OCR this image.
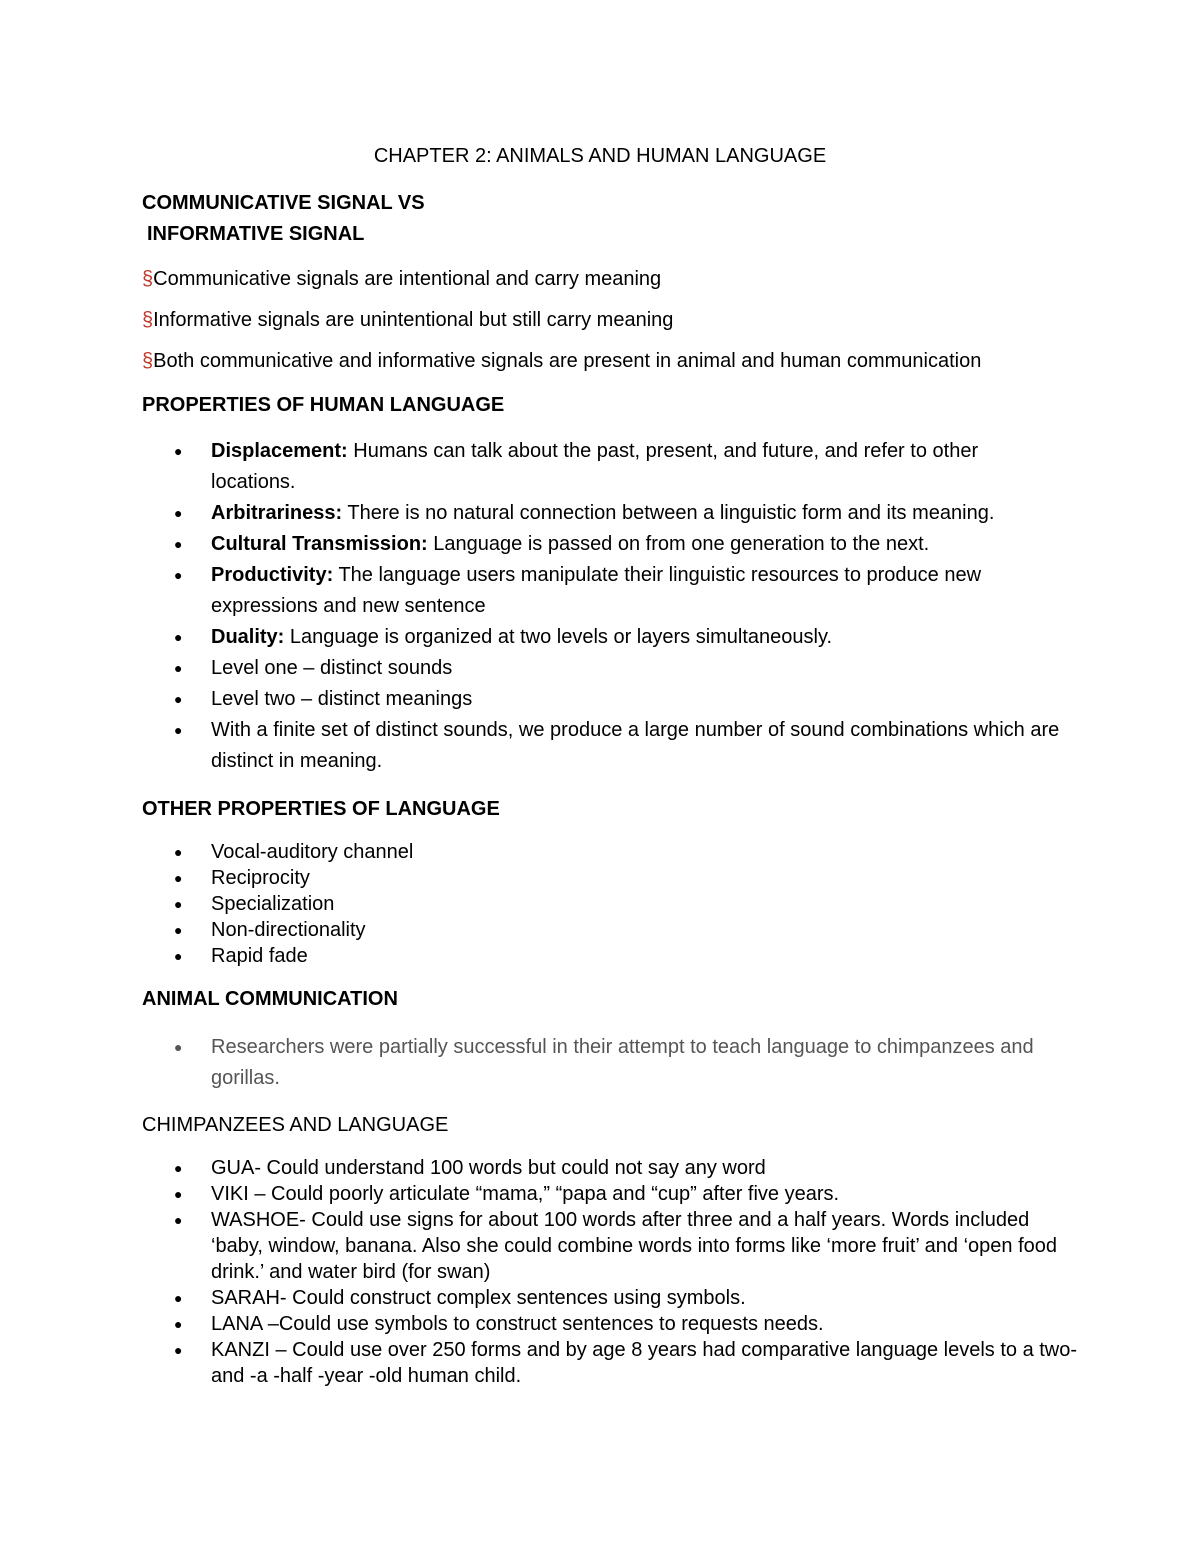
CHAPTER 2: ANIMALS AND HUMAN LANGUAGE
COMMUNICATIVE SIGNAL VS
INFORMATIVE SIGNAL
§Communicative signals are intentional and carry meaning
§Informative signals are unintentional but still carry meaning
§Both communicative and informative signals are present in animal and human communication
PROPERTIES OF HUMAN LANGUAGE
● Displacement: Humans can talk about the past, present, and future, and refer to other locations.
● Arbitrariness: There is no natural connection between a linguistic form and its meaning.
● Cultural Transmission: Language is passed on from one generation to the next.
● Productivity: The language users manipulate their linguistic resources to produce new expressions and new sentence
● Duality: Language is organized at two levels or layers simultaneously.
● Level one – distinct sounds
● Level two – distinct meanings
● With a finite set of distinct sounds, we produce a large number of sound combinations which are distinct in meaning.
OTHER PROPERTIES OF LANGUAGE
● Vocal-auditory channel
● Reciprocity
● Specialization
● Non-directionality
● Rapid fade
ANIMAL COMMUNICATION
● Researchers were partially successful in their attempt to teach language to chimpanzees and gorillas.
CHIMPANZEES AND LANGUAGE
● GUA- Could understand 100 words but could not say any word
● VIKI – Could poorly articulate “mama,” “papa and “cup” after five years.
● WASHOE- Could use signs for about 100 words after three and a half years. Words included ‘baby, window, banana. Also she could combine words into forms like ‘more fruit’ and ‘open food drink.’ and water bird (for swan)
● SARAH- Could construct complex sentences using symbols.
● LANA –Could use symbols to construct sentences to requests needs.
● KANZI – Could use over 250 forms and by age 8 years had comparative language levels to a two- and -a -half -year -old human child.
